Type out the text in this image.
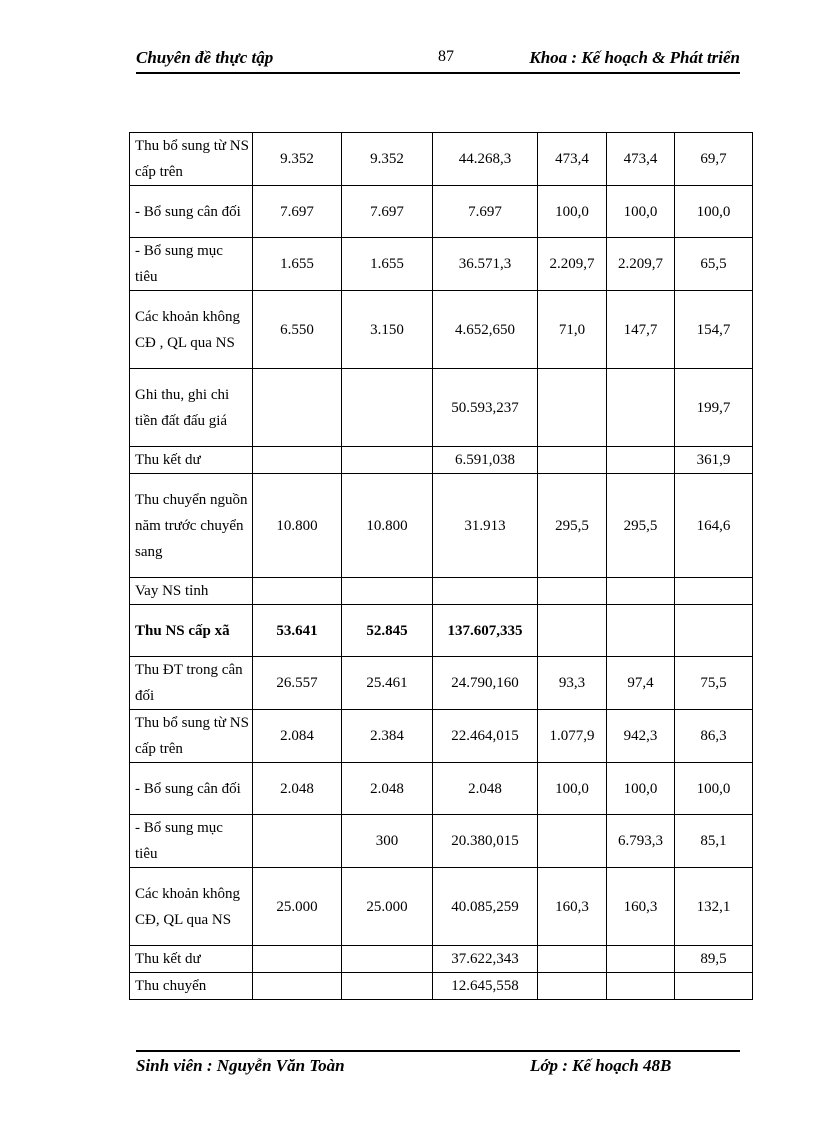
Chuyên đề thực tập	87	Khoa : Kế hoạch & Phát triển
Thu bổ sung từ NS cấp trên	9.352	9.352	44.268,3	473,4	473,4	69,7
- Bổ sung cân đối	7.697	7.697	7.697	100,0	100,0	100,0
- Bổ sung mục tiêu	1.655	1.655	36.571,3	2.209,7	2.209,7	65,5
Các khoản không CĐ , QL qua NS	6.550	3.150	4.652,650	71,0	147,7	154,7
Ghi thu, ghi chi tiền đất đấu giá			50.593,237			199,7
Thu kết dư			6.591,038			361,9
Thu chuyển nguồn năm trước chuyển sang	10.800	10.800	31.913	295,5	295,5	164,6
Vay NS tỉnh						
Thu NS cấp xã	53.641	52.845	137.607,335			
Thu ĐT trong cân đối	26.557	25.461	24.790,160	93,3	97,4	75,5
Thu bổ sung từ NS cấp trên	2.084	2.384	22.464,015	1.077,9	942,3	86,3
- Bổ sung cân đối	2.048	2.048	2.048	100,0	100,0	100,0
- Bổ sung mục tiêu		300	20.380,015		6.793,3	85,1
Các khoản không CĐ, QL qua NS	25.000	25.000	40.085,259	160,3	160,3	132,1
Thu kết dư			37.622,343			89,5
Thu chuyển			12.645,558			
Sinh viên : Nguyễn Văn Toàn	Lớp : Kế hoạch 48B
